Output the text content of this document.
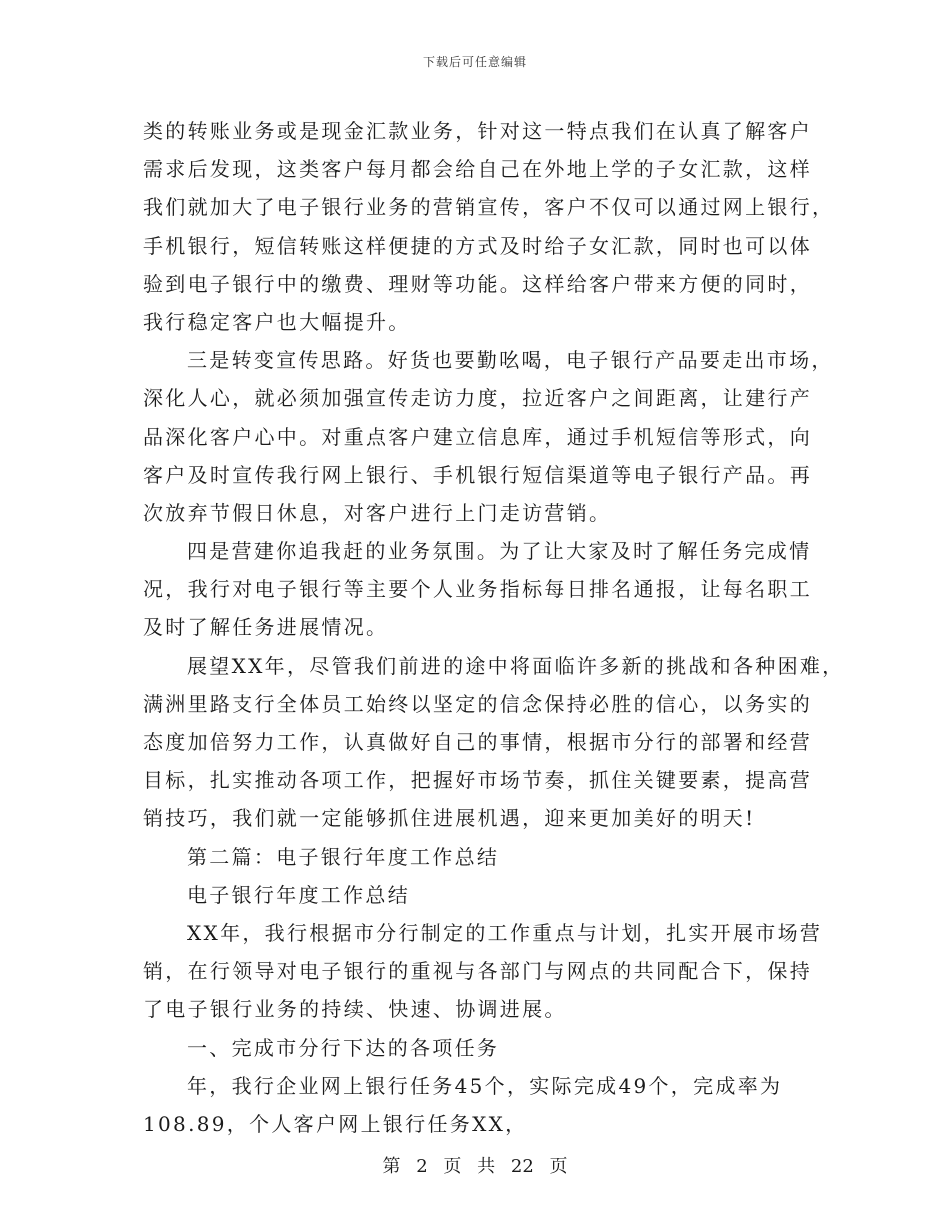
下载后可任意编辑
类的转账业务或是现金汇款业务，针对这一特点我们在认真了解客户
需求后发现，这类客户每月都会给自己在外地上学的子女汇款，这样
我们就加大了电子银行业务的营销宣传，客户不仅可以通过网上银行，
手机银行，短信转账这样便捷的方式及时给子女汇款，同时也可以体
验到电子银行中的缴费、理财等功能。这样给客户带来方便的同时，
我行稳定客户也大幅提升。
三是转变宣传思路。好货也要勤吆喝，电子银行产品要走出市场，
深化人心，就必须加强宣传走访力度，拉近客户之间距离，让建行产
品深化客户心中。对重点客户建立信息库，通过手机短信等形式，向
客户及时宣传我行网上银行、手机银行短信渠道等电子银行产品。再
次放弃节假日休息，对客户进行上门走访营销。
四是营建你追我赶的业务氛围。为了让大家及时了解任务完成情
况，我行对电子银行等主要个人业务指标每日排名通报，让每名职工
及时了解任务进展情况。
展望XX年，尽管我们前进的途中将面临许多新的挑战和各种困难，
满洲里路支行全体员工始终以坚定的信念保持必胜的信心，以务实的
态度加倍努力工作，认真做好自己的事情，根据市分行的部署和经营
目标，扎实推动各项工作，把握好市场节奏，抓住关键要素，提高营
销技巧，我们就一定能够抓住进展机遇，迎来更加美好的明天!
第二篇：电子银行年度工作总结
电子银行年度工作总结
XX年，我行根据市分行制定的工作重点与计划，扎实开展市场营
销，在行领导对电子银行的重视与各部门与网点的共同配合下，保持
了电子银行业务的持续、快速、协调进展。
一、完成市分行下达的各项任务
年，我行企业网上银行任务45个，实际完成49个，完成率为
108.89，个人客户网上银行任务XX，
第 2 页 共 22 页
